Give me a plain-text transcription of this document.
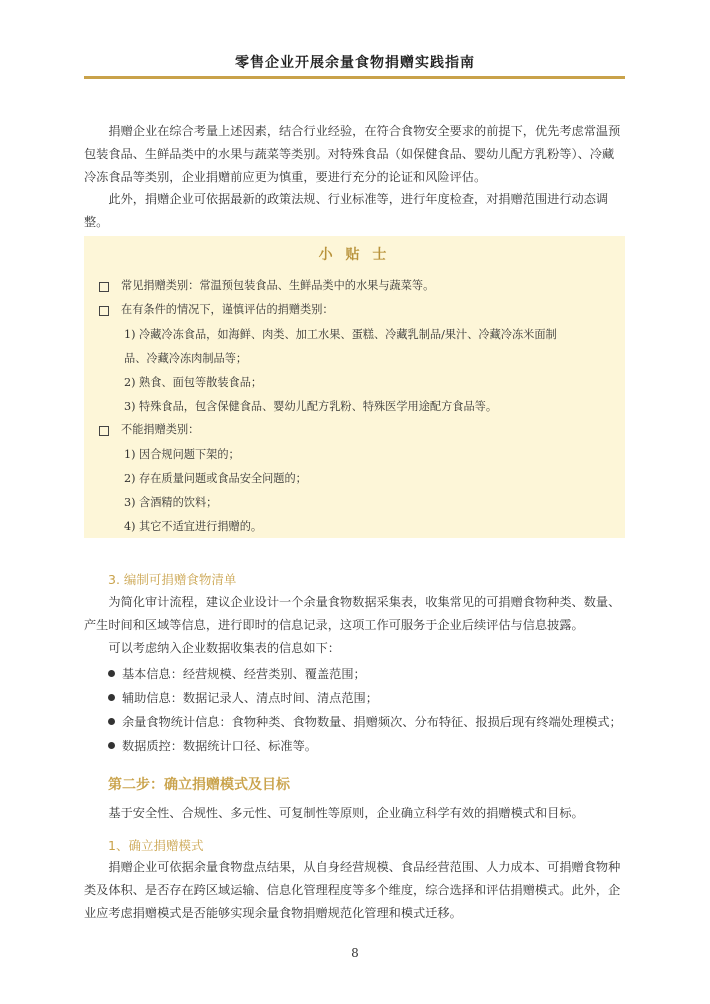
零售企业开展余量食物捐赠实践指南

捐赠企业在综合考量上述因素，结合行业经验，在符合食物安全要求的前提下，优先考虑常温预包装食品、生鲜品类中的水果与蔬菜等类别。对特殊食品（如保健食品、婴幼儿配方乳粉等）、冷藏冷冻食品等类别，企业捐赠前应更为慎重，要进行充分的论证和风险评估。

此外，捐赠企业可依据最新的政策法规、行业标准等，进行年度检查，对捐赠范围进行动态调整。

小 贴 士
常见捐赠类别：常温预包装食品、生鲜品类中的水果与蔬菜等。
在有条件的情况下，谨慎评估的捐赠类别：
1) 冷藏冷冻食品，如海鲜、肉类、加工水果、蛋糕、冷藏乳制品/果汁、冷藏冷冻米面制
品、冷藏冷冻肉制品等；
2) 熟食、面包等散装食品；
3) 特殊食品，包含保健食品、婴幼儿配方乳粉、特殊医学用途配方食品等。
不能捐赠类别：
1) 因合规问题下架的；
2) 存在质量问题或食品安全问题的；
3) 含酒精的饮料；
4) 其它不适宜进行捐赠的。
3. 编制可捐赠食物清单

为简化审计流程，建议企业设计一个余量食物数据采集表，收集常见的可捐赠食物种类、数量、产生时间和区域等信息，进行即时的信息记录，这项工作可服务于企业后续评估与信息披露。

可以考虑纳入企业数据收集表的信息如下：

基本信息：经营规模、经营类别、覆盖范围；
辅助信息：数据记录人、清点时间、清点范围；
余量食物统计信息：食物种类、食物数量、捐赠频次、分布特征、报损后现有终端处理模式；
数据质控：数据统计口径、标准等。
第二步：确立捐赠模式及目标

基于安全性、合规性、多元性、可复制性等原则，企业确立科学有效的捐赠模式和目标。

1、确立捐赠模式

捐赠企业可依据余量食物盘点结果，从自身经营规模、食品经营范围、人力成本、可捐赠食物种类及体积、是否存在跨区域运输、信息化管理程度等多个维度，综合选择和评估捐赠模式。此外，企业应考虑捐赠模式是否能够实现余量食物捐赠规范化管理和模式迁移。

8
